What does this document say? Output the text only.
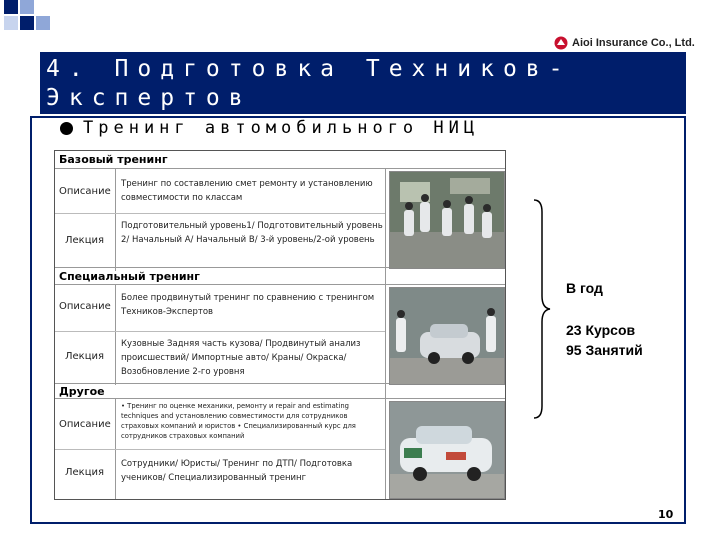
Aioi Insurance Co., Ltd.
4. Подготовка Техников-Экспертов
Тренинг автомобильного НИЦ
Базовый тренинг
Описание
Тренинг по составлению смет ремонту и установлению совместимости по классам
Лекция
Подготовительный уровень1/ Подготовительный уровень 2/ Начальный A/ Начальный B/ 3-й уровень/2-ой уровень
Специальный тренинг
Описание
Более продвинутый тренинг по сравнению с тренингом Техников-Экспертов
Лекция
Кузовные Задняя часть кузова/ Продвинутый анализ происшествий/ Импортные авто/ Краны/ Окраска/ Возобновление 2-го уровня
Другое
Описание
• Тренинг по оценке механики, ремонту и repair and estimating techniques and установлению совместимости для сотрудников страховых компаний и юристов • Специализированный курс для сотрудников страховых компаний
Лекция
Сотрудники/ Юристы/ Тренинг по ДТП/ Подготовка учеников/ Специализированный тренинг
В год
23 Курсов
95 Занятий
10
